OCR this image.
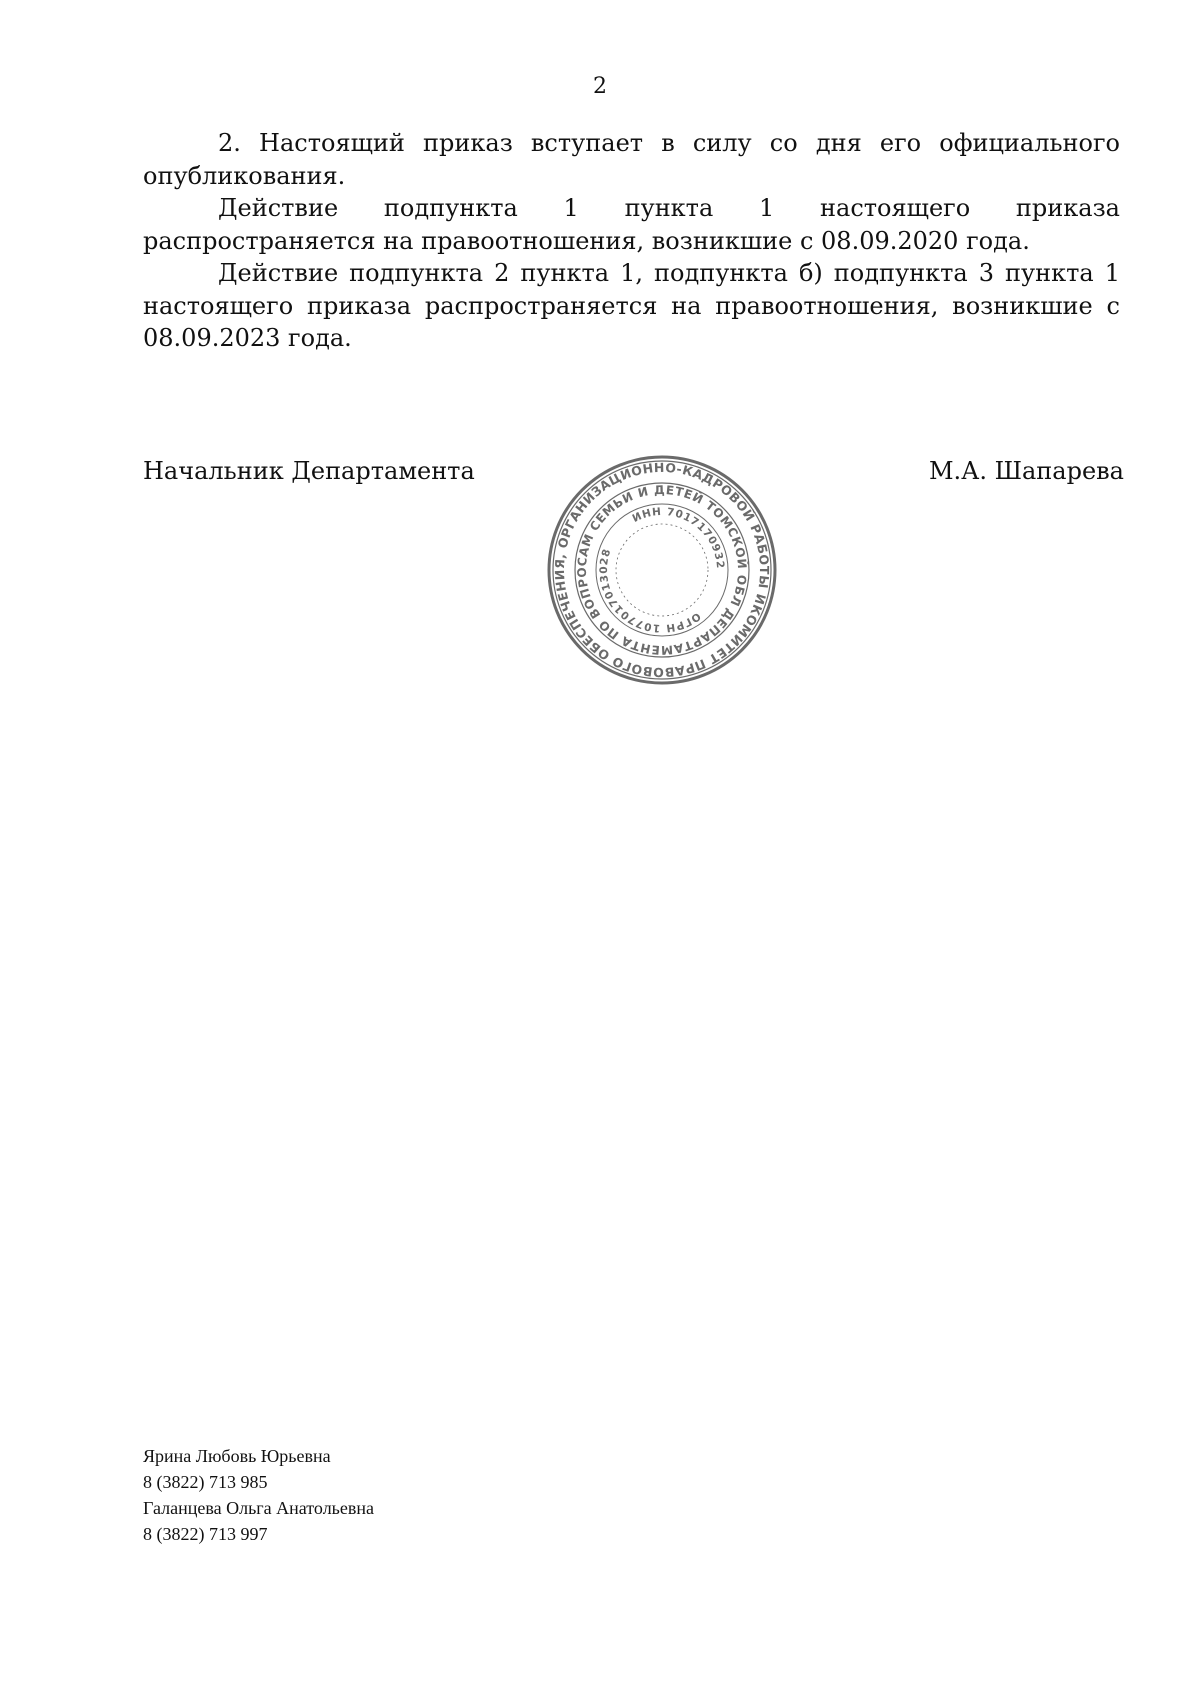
2

2. Настоящий приказ вступает в силу со дня его официального опубликования.

Действие подпункта 1 пункта 1 настоящего приказа распространяется на правоотношения, возникшие с 08.09.2020 года.

Действие подпункта 2 пункта 1, подпункта б) подпункта 3 пункта 1 настоящего приказа распространяется на правоотношения, возникшие с 08.09.2023 года.

Начальник Департамента	М.А. Шапарева
КОМИТЕТ ПРАВОВОГО ОБЕСПЕЧЕНИЯ, ОРГАНИЗАЦИОННО-КАДРОВОЙ РАБОТЫ И
ДЕПАРТАМЕНТА ПО ВОПРОСАМ СЕМЬИ И ДЕТЕЙ ТОМСКОЙ ОБЛАСТИ
ОГРН 1077017013028
ИНН 7017170932
Ярина Любовь Юрьевна
8 (3822) 713 985
Галанцева Ольга Анатольевна
8 (3822) 713 997
